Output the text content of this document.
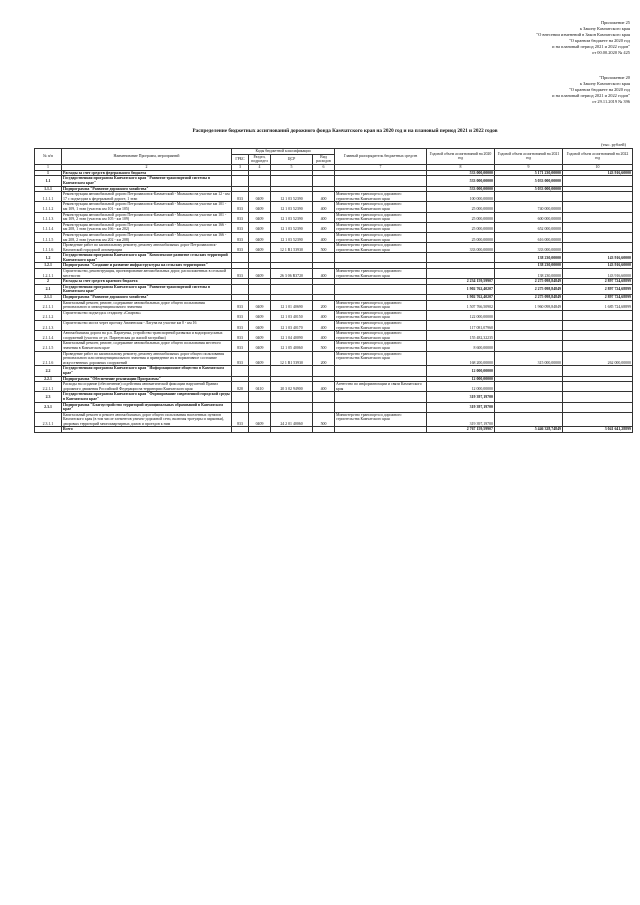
Приложение 25
к Закону Камчатского края
"О внесении изменений в Закон Камчатского края
"О краевом бюджете на 2020 год
и на плановый период 2021 и 2022 годов"
от 00.00.2020 № 425
"Приложение 20
к Закону Камчатского края
"О краевом бюджете на 2020 год
и на плановый период 2021 и 2022 годов"
от 29.11.2019 № 396
Распределение бюджетных ассигнований дорожного фонда Камчатского края на 2020 год и на плановый период 2021 и 2022 годов
(тыс. рублей)
№ п/п	Наименование Программ, мероприятий	Коды бюджетной классификации				Главный распорядитель бюджетных средств	Годовой объем ассигнований на 2020 год	Годовой объем ассигнований на 2021 год	Годовой объем ассигнований на 2022 год
		ГРБС	Раздел, подраздел	ЦСР	Вид расходов				
1	2	3	4	5	6	7	8	9	10
1	Расходы за счет средств федерального бюджета						533 000,00000	5 171 230,00000	143 916,60000
1.1	Государственная программа Камчатского края "Развитие транспортной системы в Камчатском крае"						533 000,00000	5 033 000,00000	
1.1.1	Подпрограмма "Развитие дорожного хозяйства"						533 000,00000	5 033 000,00000	
1.1.1.1	Реконструкция автомобильной дороги Петропавловск-Камчатский - Мильково на участке км 12 - км 17 с подъездом к федеральной дороге, 1 этап	833	0409	12 1 03 52390	400	Министерство транспорта и дорожного строительства Камчатского края	100 000,00000		
1.1.1.2	Реконструкция автомобильной дороги Петропавловск-Камчатский - Мильково на участке км 101 - км 109, 1 этап (участок км 101 - км 105)	833	0409	12 1 03 52390	400	Министерство транспорта и дорожного строительства Камчатского края	25 000,00000	740 000,00000	
1.1.1.3	Реконструкция автомобильной дороги Петропавловск-Камчатский - Мильково на участке км 101 - км 109, 2 этап (участок км 105 - км 109)	833	0409	12 1 03 52390	400	Министерство транспорта и дорожного строительства Камчатского края	25 000,00000	600 000,00000	
1.1.1.4	Реконструкция автомобильной дороги Петропавловск-Камчатский - Мильково на участке км 166 - км 208, 1 этап (участок км 166 - км 202)	833	0409	12 1 03 52390	400	Министерство транспорта и дорожного строительства Камчатского края	25 000,00000	652 000,00000	
1.1.1.5	Реконструкция автомобильной дороги Петропавловск-Камчатский - Мильково на участке км 166 - км 208, 2 этап (участок км 202 - км 208)	833	0409	12 1 03 52390	400	Министерство транспорта и дорожного строительства Камчатского края	25 000,00000	616 000,00000	
1.1.1.6	Проведение работ по капитальному ремонту, ремонту автомобильных дорог Петропавловск-Камчатской городской агломерации	833	0409	12 1 R1 53930	500	Министерство транспорта и дорожного строительства Камчатского края	333 000,00000	333 000,00000	
1.2	Государственная программа Камчатского края "Комплексное развитие сельских территорий Камчатского края"							138 230,00000	143 916,60000
1.2.1	Подпрограмма "Создание и развитие инфраструктуры на сельских территориях"							138 230,00000	143 916,60000
1.2.1.1	Строительство, реконструкция, проектирование автомобильных дорог, расположенных в сельской местности	833	0409	26 3 06 R3720	400	Министерство транспорта и дорожного строительства Камчатского края		138 230,00000	143 916,60000
2	Расходы за счет средств краевого бюджета						2 234 159,59907	2 275 098,84849	2 897 724,68899
2.1	Государственная программа Камчатского края "Развитие транспортной системы в Камчатском крае"						1 902 762,40207	2 275 098,84849	2 897 724,68899
2.1.1	Подпрограмма "Развитие дорожного хозяйства"						1 902 762,40207	2 275 098,84849	2 897 724,68899
2.1.1.1	Капитальный ремонт, ремонт, содержание автомобильных дорог общего пользования регионального и межмуниципального значения	833	0409	12 1 01 40690	200	Министерство транспорта и дорожного строительства Камчатского края	1 507 766,50902	1 960 098,84849	1 685 724,68899
2.1.1.2	Строительство подъезда к стадиону «Спартак»	833	0409	12 1 03 40150	400	Министерство транспорта и дорожного строительства Камчатского края	122 000,00000		
2.1.1.3	Строительство моста через протоку Аваченская - Лагуна на участке км 0 - км 16	833	0409	12 1 03 40170	400	Министерство транспорта и дорожного строительства Камчатского края	117 081,07960		
2.1.1.4	Автомобильная дорога на р.п. Паратунка, устройство транспортной развязки и водопропускных сооружений (участок от ул. Паратунская до жилой застройки)	833	0409	12 1 04 40090	400	Министерство транспорта и дорожного строительства Камчатского края	155 482,32235		
2.1.1.5	Капитальный ремонт, ремонт, содержание автомобильных дорог общего пользования местного значения в Камчатском крае	833	0409	12 1 05 40060	500	Министерство транспорта и дорожного строительства Камчатского края	8 600,00000		
2.1.1.6	Проведение работ по капитальному ремонту, ремонту автомобильных дорог общего пользования регионального или межмуниципального значения и приведение их в нормативное состояние искусственных дорожных сооружений	833	0409	12 1 R1 53930	200	Министерство транспорта и дорожного строительства Камчатского края	168 200,00000	315 000,00000	262 000,00000
2.2	Государственная программа Камчатского края "Информационное общество в Камчатском крае"						12 000,00000		
2.2.1	Подпрограмма "Обеспечение реализации Программы"						12 000,00000		
2.2.1.1	Расходы на создание (обеспечение) содействия автоматической фиксации нарушений Правил дорожного движения Российской Федерации на территории Камчатского края	820	0410	20 3 02 94900	400	Агентство по информатизации и связи Камчатского края	12 000,00000		
2.3	Государственная программа Камчатского края "Формирование современной городской среды в Камчатском крае"						319 397,19700		
2.3.1	Подпрограмма "Благоустройство территорий муниципальных образований в Камчатском крае"						319 397,19700		
2.3.1.1	Капитальный ремонт и ремонт автомобильных дорог общего пользования населенных пунктов Камчатского края (в том числе элементов улично-дорожной сети, включая тротуары и парковки), дворовых территорий многоквартирных домов и проездов к ним	833	0409	24 2 01 40060	500	Министерство транспорта и дорожного строительства Камчатского края	319 397,19700		
	Всего						2 767 159,59907	5 446 328,74849	3 041 641,28899
